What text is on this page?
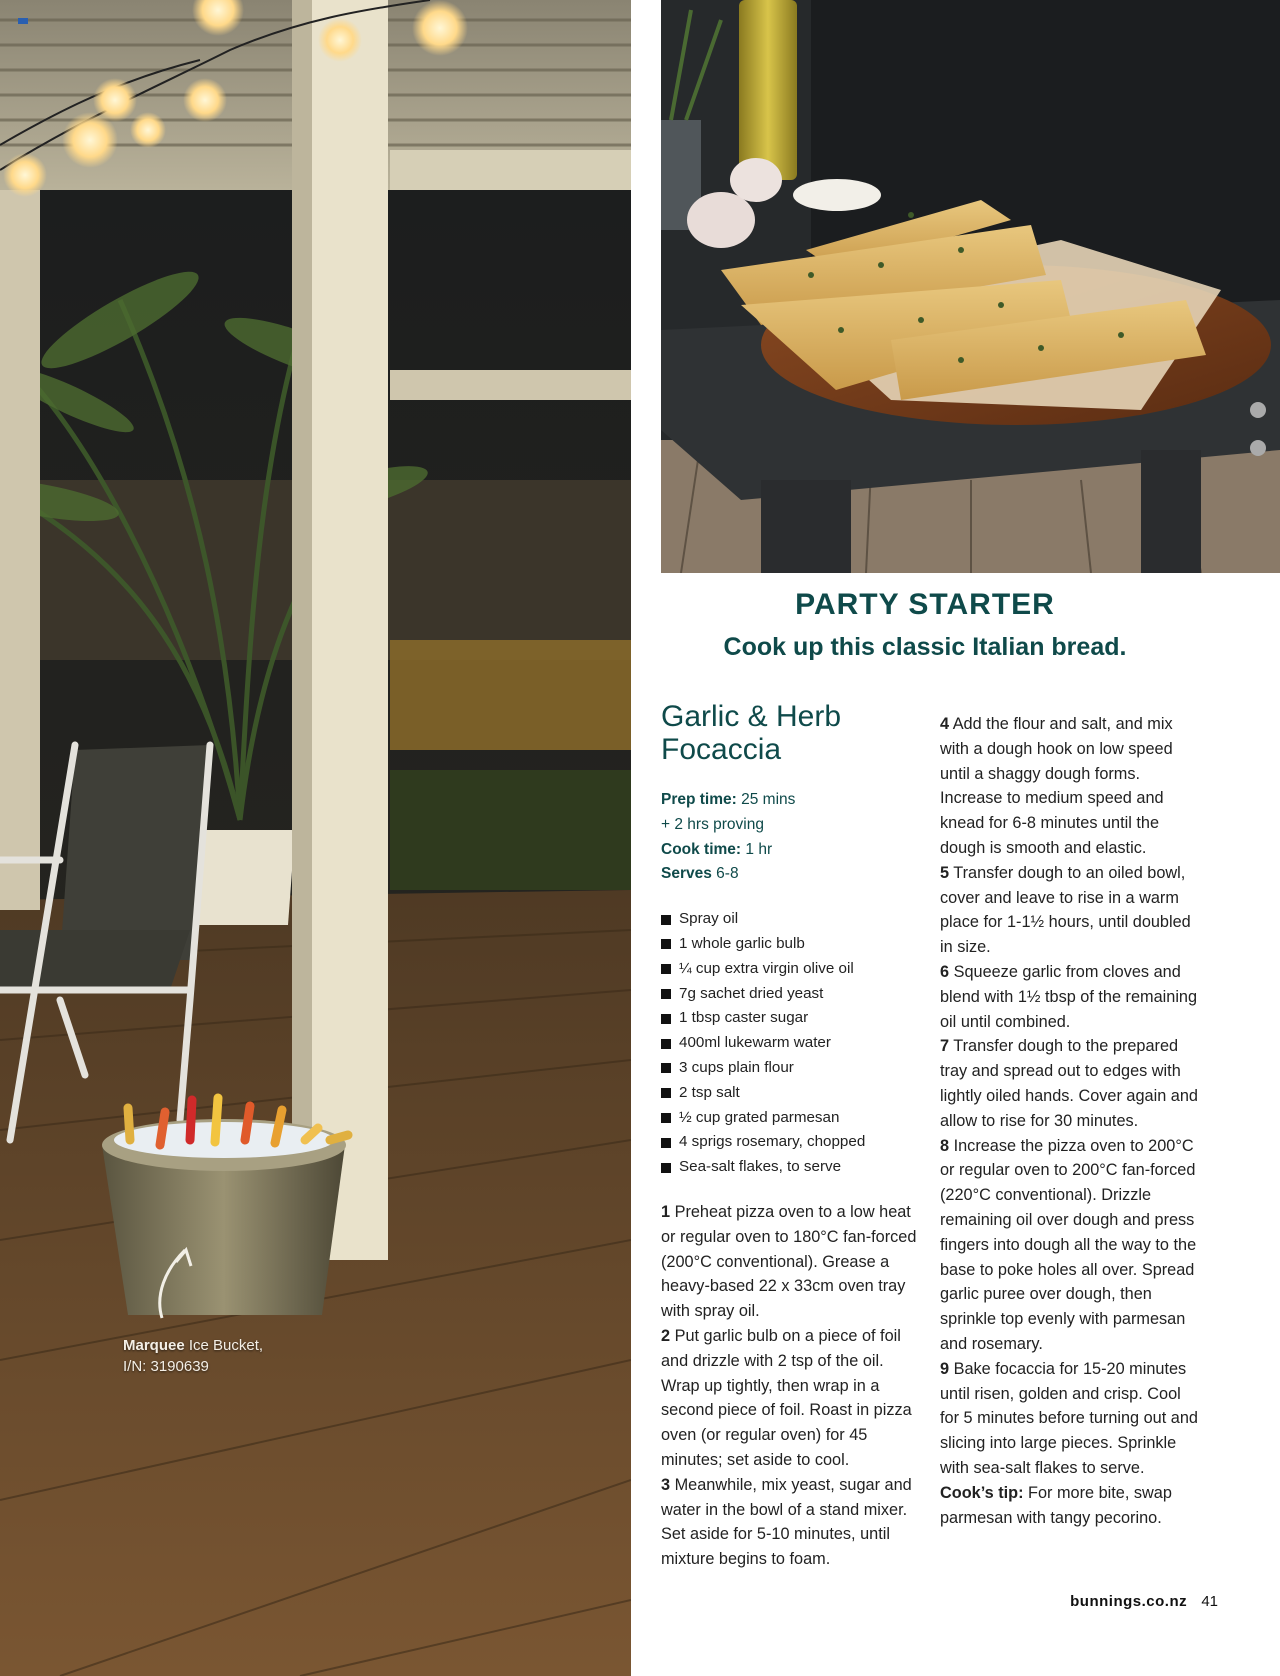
Marquee Ice Bucket,
I/N: 3190639
PARTY STARTER
Cook up this classic Italian bread.
Garlic & Herb Focaccia
Prep time: 25 mins
+ 2 hrs proving
Cook time: 1 hr
Serves 6-8
Spray oil
1 whole garlic bulb
¼ cup extra virgin olive oil
7g sachet dried yeast
1 tbsp caster sugar
400ml lukewarm water
3 cups plain flour
2 tsp salt
½ cup grated parmesan
4 sprigs rosemary, chopped
Sea-salt flakes, to serve

1 Preheat pizza oven to a low heat or regular oven to 180°C fan-forced (200°C conventional). Grease a heavy-based 22 x 33cm oven tray with spray oil.

2 Put garlic bulb on a piece of foil and drizzle with 2 tsp of the oil. Wrap up tightly, then wrap in a second piece of foil. Roast in pizza oven (or regular oven) for 45 minutes; set aside to cool.

3 Meanwhile, mix yeast, sugar and water in the bowl of a stand mixer. Set aside for 5-10 minutes, until mixture begins to foam.

4 Add the flour and salt, and mix with a dough hook on low speed until a shaggy dough forms. Increase to medium speed and knead for 6-8 minutes until the dough is smooth and elastic.

5 Transfer dough to an oiled bowl, cover and leave to rise in a warm place for 1-1½ hours, until doubled in size.

6 Squeeze garlic from cloves and blend with 1½ tbsp of the remaining oil until combined.

7 Transfer dough to the prepared tray and spread out to edges with lightly oiled hands. Cover again and allow to rise for 30 minutes.

8 Increase the pizza oven to 200°C or regular oven to 200°C fan-forced (220°C conventional). Drizzle remaining oil over dough and press fingers into dough all the way to the base to poke holes all over. Spread garlic puree over dough, then sprinkle top evenly with parmesan and rosemary.

9 Bake focaccia for 15-20 minutes until risen, golden and crisp. Cool for 5 minutes before turning out and slicing into large pieces. Sprinkle with sea-salt flakes to serve.

Cook’s tip: For more bite, swap parmesan with tangy pecorino.

bunnings.co.nz 41
